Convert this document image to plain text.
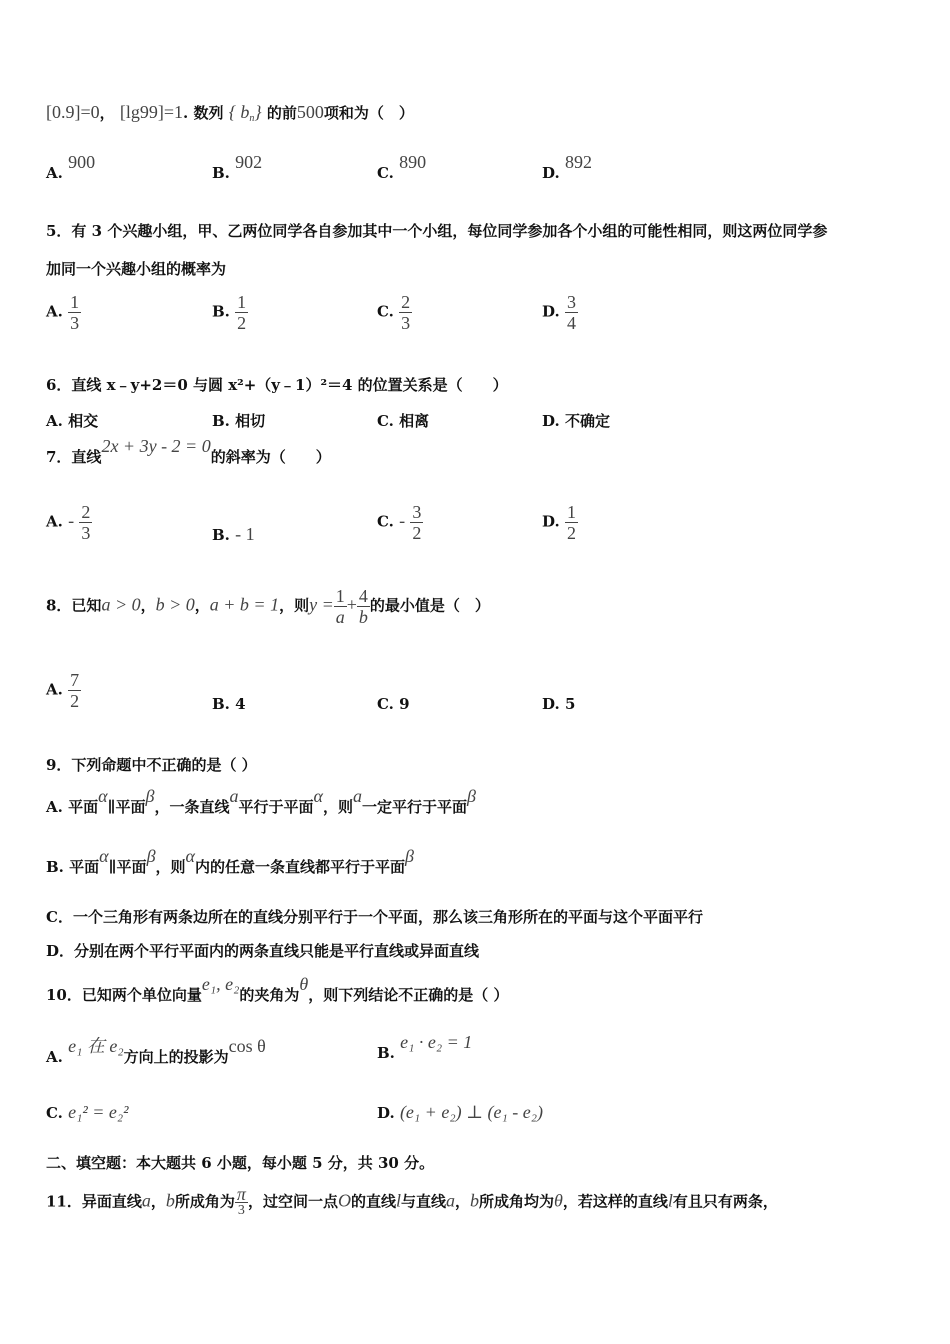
[0.9]=0， [lg99]=1. 数列 { $b_n$} 的前500项和为（　）
A. 900
B. 902
C. 890
D. 892
5．有 3 个兴趣小组，甲、乙两位同学各自参加其中一个小组，每位同学参加各个小组的可能性相同，则这两位同学参
加同一个兴趣小组的概率为
A. $\frac{1}{3}$	B. $\frac{1}{2}$	C. $\frac{2}{3}$	D. $\frac{3}{4}$
6．直线 x﹣y+2＝0 与圆 x²+（y﹣1）²＝4 的位置关系是（　　）
A. 相交	B. 相切	C. 相离	D. 不确定
7．直线2x + 3y - 2 = 0的斜率为（　　）
A. - $\frac{2}{3}$	B. - 1
C. - $\frac{3}{2}$	D. $\frac{1}{2}$
8．已知a > 0，b > 0，a + b = 1，则$y = \frac{1}{a} + \frac{4}{b}$ 的最小值是（　）
A. $\frac{7}{2}$	B. 4	C. 9	D. 5
9．下列命题中不正确的是（ ）
A. 平面α∥平面β，一条直线a平行于平面α，则a一定平行于平面β
B. 平面α∥平面β，则α内的任意一条直线都平行于平面β
C．一个三角形有两条边所在的直线分别平行于一个平面，那么该三角形所在的平面与这个平面平行
D．分别在两个平行平面内的两条直线只能是平行直线或异面直线
10．已知两个单位向量e₁, e₂的夹角为θ，则下列结论不正确的是（ ）
A. e₁ 在 e₂方向上的投影为cos θ	B. e₁ · e₂ = 1
C. e₁² = e₂²	D. (e₁ + e₂) ⊥ (e₁ - e₂)
二、填空题：本大题共 6 小题，每小题 5 分，共 30 分。
11．异面直线a，b所成角为 $\frac{\pi}{3}$ ，过空间一点O的直线l与直线a，b所成角均为θ，若这样的直线l有且只有两条，
